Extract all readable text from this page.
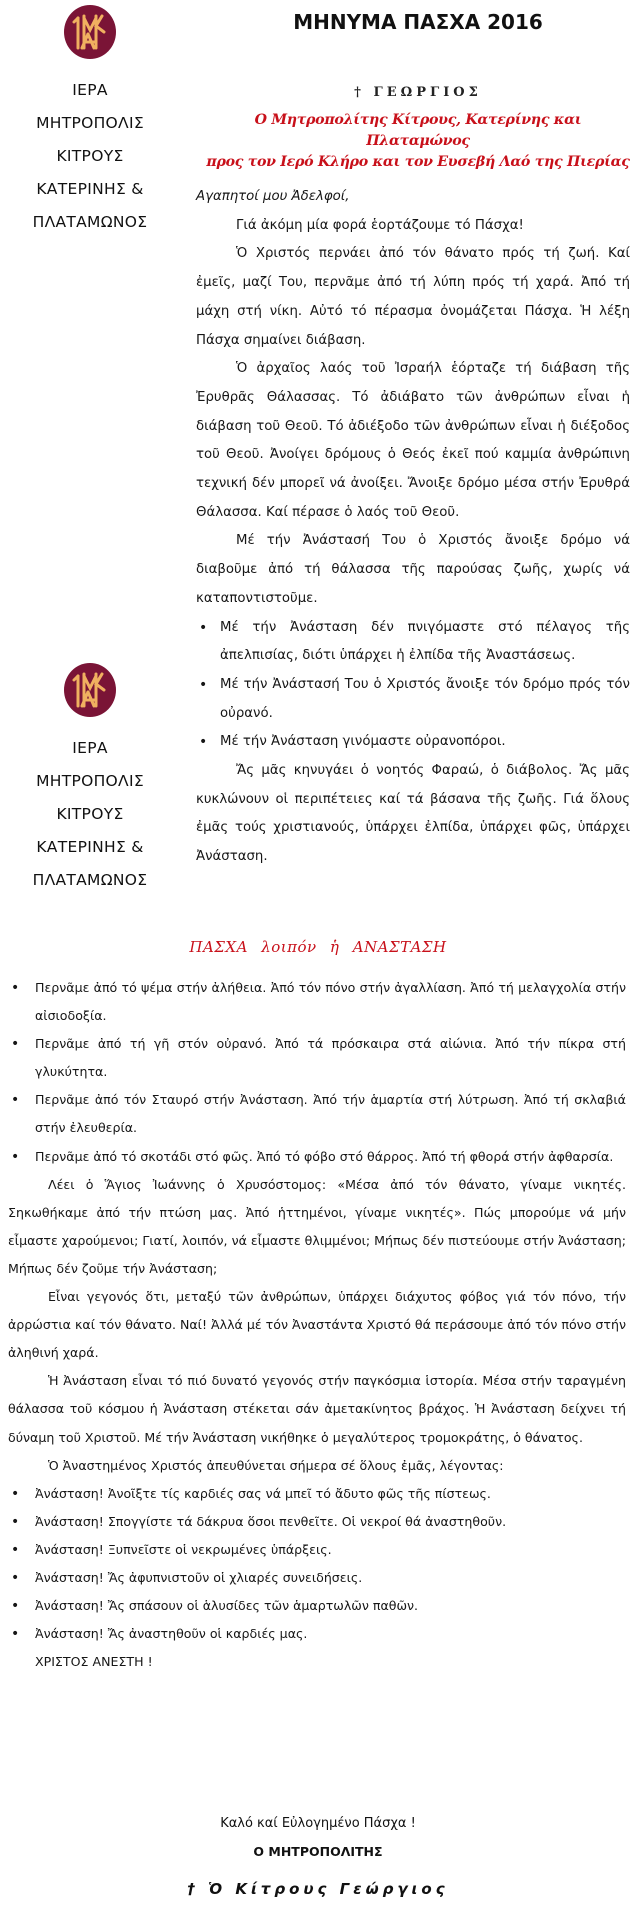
ΙΕΡΑ
ΜΗΤΡΟΠΟΛΙΣ
ΚΙΤΡΟΥΣ
ΚΑΤΕΡΙΝΗΣ &
ΠΛΑΤΑΜΩΝΟΣ
ΙΕΡΑ
ΜΗΤΡΟΠΟΛΙΣ
ΚΙΤΡΟΥΣ
ΚΑΤΕΡΙΝΗΣ &
ΠΛΑΤΑΜΩΝΟΣ
ΜΗΝΥΜΑ ΠΑΣΧΑ 2016
† ΓΕΩΡΓΙΟΣ
Ο Μητροπολίτης Κίτρους, Κατερίνης και Πλαταμώνος
προς τον Ιερό Κλήρο και τον Ευσεβή Λαό της Πιερίας

Αγαπητοί μου Ἀδελφοί,

Γιά ἀκόμη μία φορά ἑορτάζουμε τό Πάσχα!

Ὁ Χριστός περνάει ἀπό τόν θάνατο πρός τή ζωή. Καί ἐμεῖς, μαζί Του, περνᾶμε ἀπό τή λύπη πρός τή χαρά. Ἀπό τή μάχη στή νίκη. Αὐτό τό πέρασμα ὀνομάζεται Πάσχα. Ἡ λέξη Πάσχα σημαίνει διάβαση.

Ὁ ἀρχαῖος λαός τοῦ Ἰσραήλ ἑόρταζε τή διάβαση τῆς Ἐρυθρᾶς Θάλασσας. Τό ἀδιάβατο τῶν ἀνθρώπων εἶναι ἡ διάβαση τοῦ Θεοῦ. Τό ἀδιέξοδο τῶν ἀνθρώπων εἶναι ἡ διέξοδος τοῦ Θεοῦ. Ἀνοίγει δρόμους ὁ Θεός ἐκεῖ πού καμμία ἀνθρώπινη τεχνική δέν μπορεῖ νά ἀνοίξει. Ἄνοιξε δρόμο μέσα στήν Ἐρυθρά Θάλασσα. Καί πέρασε ὁ λαός τοῦ Θεοῦ.

Μέ τήν Ἀνάστασή Του ὁ Χριστός ἄνοιξε δρόμο νά διαβοῦμε ἀπό τή θάλασσα τῆς παρούσας ζωῆς, χωρίς νά καταποντιστοῦμε.

• Μέ τήν Ἀνάσταση δέν πνιγόμαστε στό πέλαγος τῆς ἀπελπισίας, διότι ὑπάρχει ἡ ἐλπίδα τῆς Ἀναστάσεως.
• Μέ τήν Ἀνάστασή Του ὁ Χριστός ἄνοιξε τόν δρόμο πρός τόν οὐρανό.
• Μέ τήν Ἀνάσταση γινόμαστε οὐρανοπόροι.

Ἄς μᾶς κηνυγάει ὁ νοητός Φαραώ, ὁ διάβολος. Ἄς μᾶς κυκλώνουν οἱ περιπέτειες καί τά βάσανα τῆς ζωῆς. Γιά ὅλους ἐμᾶς τούς χριστιανούς, ὑπάρχει ἐλπίδα, ὑπάρχει φῶς, ὑπάρχει Ἀνάσταση.

ΠΑΣΧΑ λοιπόν ἡ ΑΝΑΣΤΑΣΗ
• Περνᾶμε ἀπό τό ψέμα στήν ἀλήθεια. Ἀπό τόν πόνο στήν ἀγαλλίαση. Ἀπό τή μελαγχολία στήν αἰσιοδοξία.
• Περνᾶμε ἀπό τή γῆ στόν οὐρανό. Ἀπό τά πρόσκαιρα στά αἰώνια. Ἀπό τήν πίκρα στή γλυκύτητα.
• Περνᾶμε ἀπό τόν Σταυρό στήν Ἀνάσταση. Ἀπό τήν ἁμαρτία στή λύτρωση. Ἀπό τή σκλαβιά στήν ἐλευθερία.
• Περνᾶμε ἀπό τό σκοτάδι στό φῶς. Ἀπό τό φόβο στό θάρρος. Ἀπό τή φθορά στήν ἀφθαρσία.

Λέει ὁ Ἅγιος Ἰωάννης ὁ Χρυσόστομος: «Μέσα ἀπό τόν θάνατο, γίναμε νικητές. Σηκωθήκαμε ἀπό τήν πτώση μας. Ἀπό ἡττημένοι, γίναμε νικητές». Πώς μπορούμε νά μήν εἶμαστε χαρούμενοι; Γιατί, λοιπόν, νά εἶμαστε θλιμμένοι; Μήπως δέν πιστεύουμε στήν Ἀνάσταση; Μήπως δέν ζοῦμε τήν Ἀνάσταση;

Εἶναι γεγονός ὅτι, μεταξύ τῶν ἀνθρώπων, ὑπάρχει διάχυτος φόβος γιά τόν πόνο, τήν ἀρρώστια καί τόν θάνατο. Ναί! Ἀλλά μέ τόν Ἀναστάντα Χριστό θά περάσουμε ἀπό τόν πόνο στήν ἀληθινή χαρά.

Ἡ Ἀνάσταση εἶναι τό πιό δυνατό γεγονός στήν παγκόσμια ἱστορία. Μέσα στήν ταραγμένη θάλασσα τοῦ κόσμου ἡ Ἀνάσταση στέκεται σάν ἀμετακίνητος βράχος. Ἡ Ἀνάσταση δείχνει τή δύναμη τοῦ Χριστοῦ. Μέ τήν Ἀνάσταση νικήθηκε ὁ μεγαλύτερος τρομοκράτης, ὁ θάνατος.

Ὁ Ἀναστημένος Χριστός ἀπευθύνεται σήμερα σέ ὅλους ἐμᾶς, λέγοντας:

• Ἀνάσταση! Ἀνοῖξτε τίς καρδιές σας νά μπεῖ τό ἄδυτο φῶς τῆς πίστεως.
• Ἀνάσταση! Σπογγίστε τά δάκρυα ὅσοι πενθεῖτε. Οἱ νεκροί θά ἀναστηθοῦν.
• Ἀνάσταση! Ξυπνεῖστε οἱ νεκρωμένες ὑπάρξεις.
• Ἀνάσταση! Ἄς ἀφυπνιστοῦν οἱ χλιαρές συνειδήσεις.
• Ἀνάσταση! Ἄς σπάσουν οἱ ἁλυσίδες τῶν ἁμαρτωλῶν παθῶν.
• Ἀνάσταση! Ἄς ἀναστηθοῦν οἱ καρδιές μας.
ΧΡΙΣΤΟΣ ΑΝΕΣΤΗ !
Καλό καί Εὐλογημένο Πάσχα !
Ο ΜΗΤΡΟΠΟΛΙΤΗΣ
† Ὁ Κίτρους Γεώργιος
